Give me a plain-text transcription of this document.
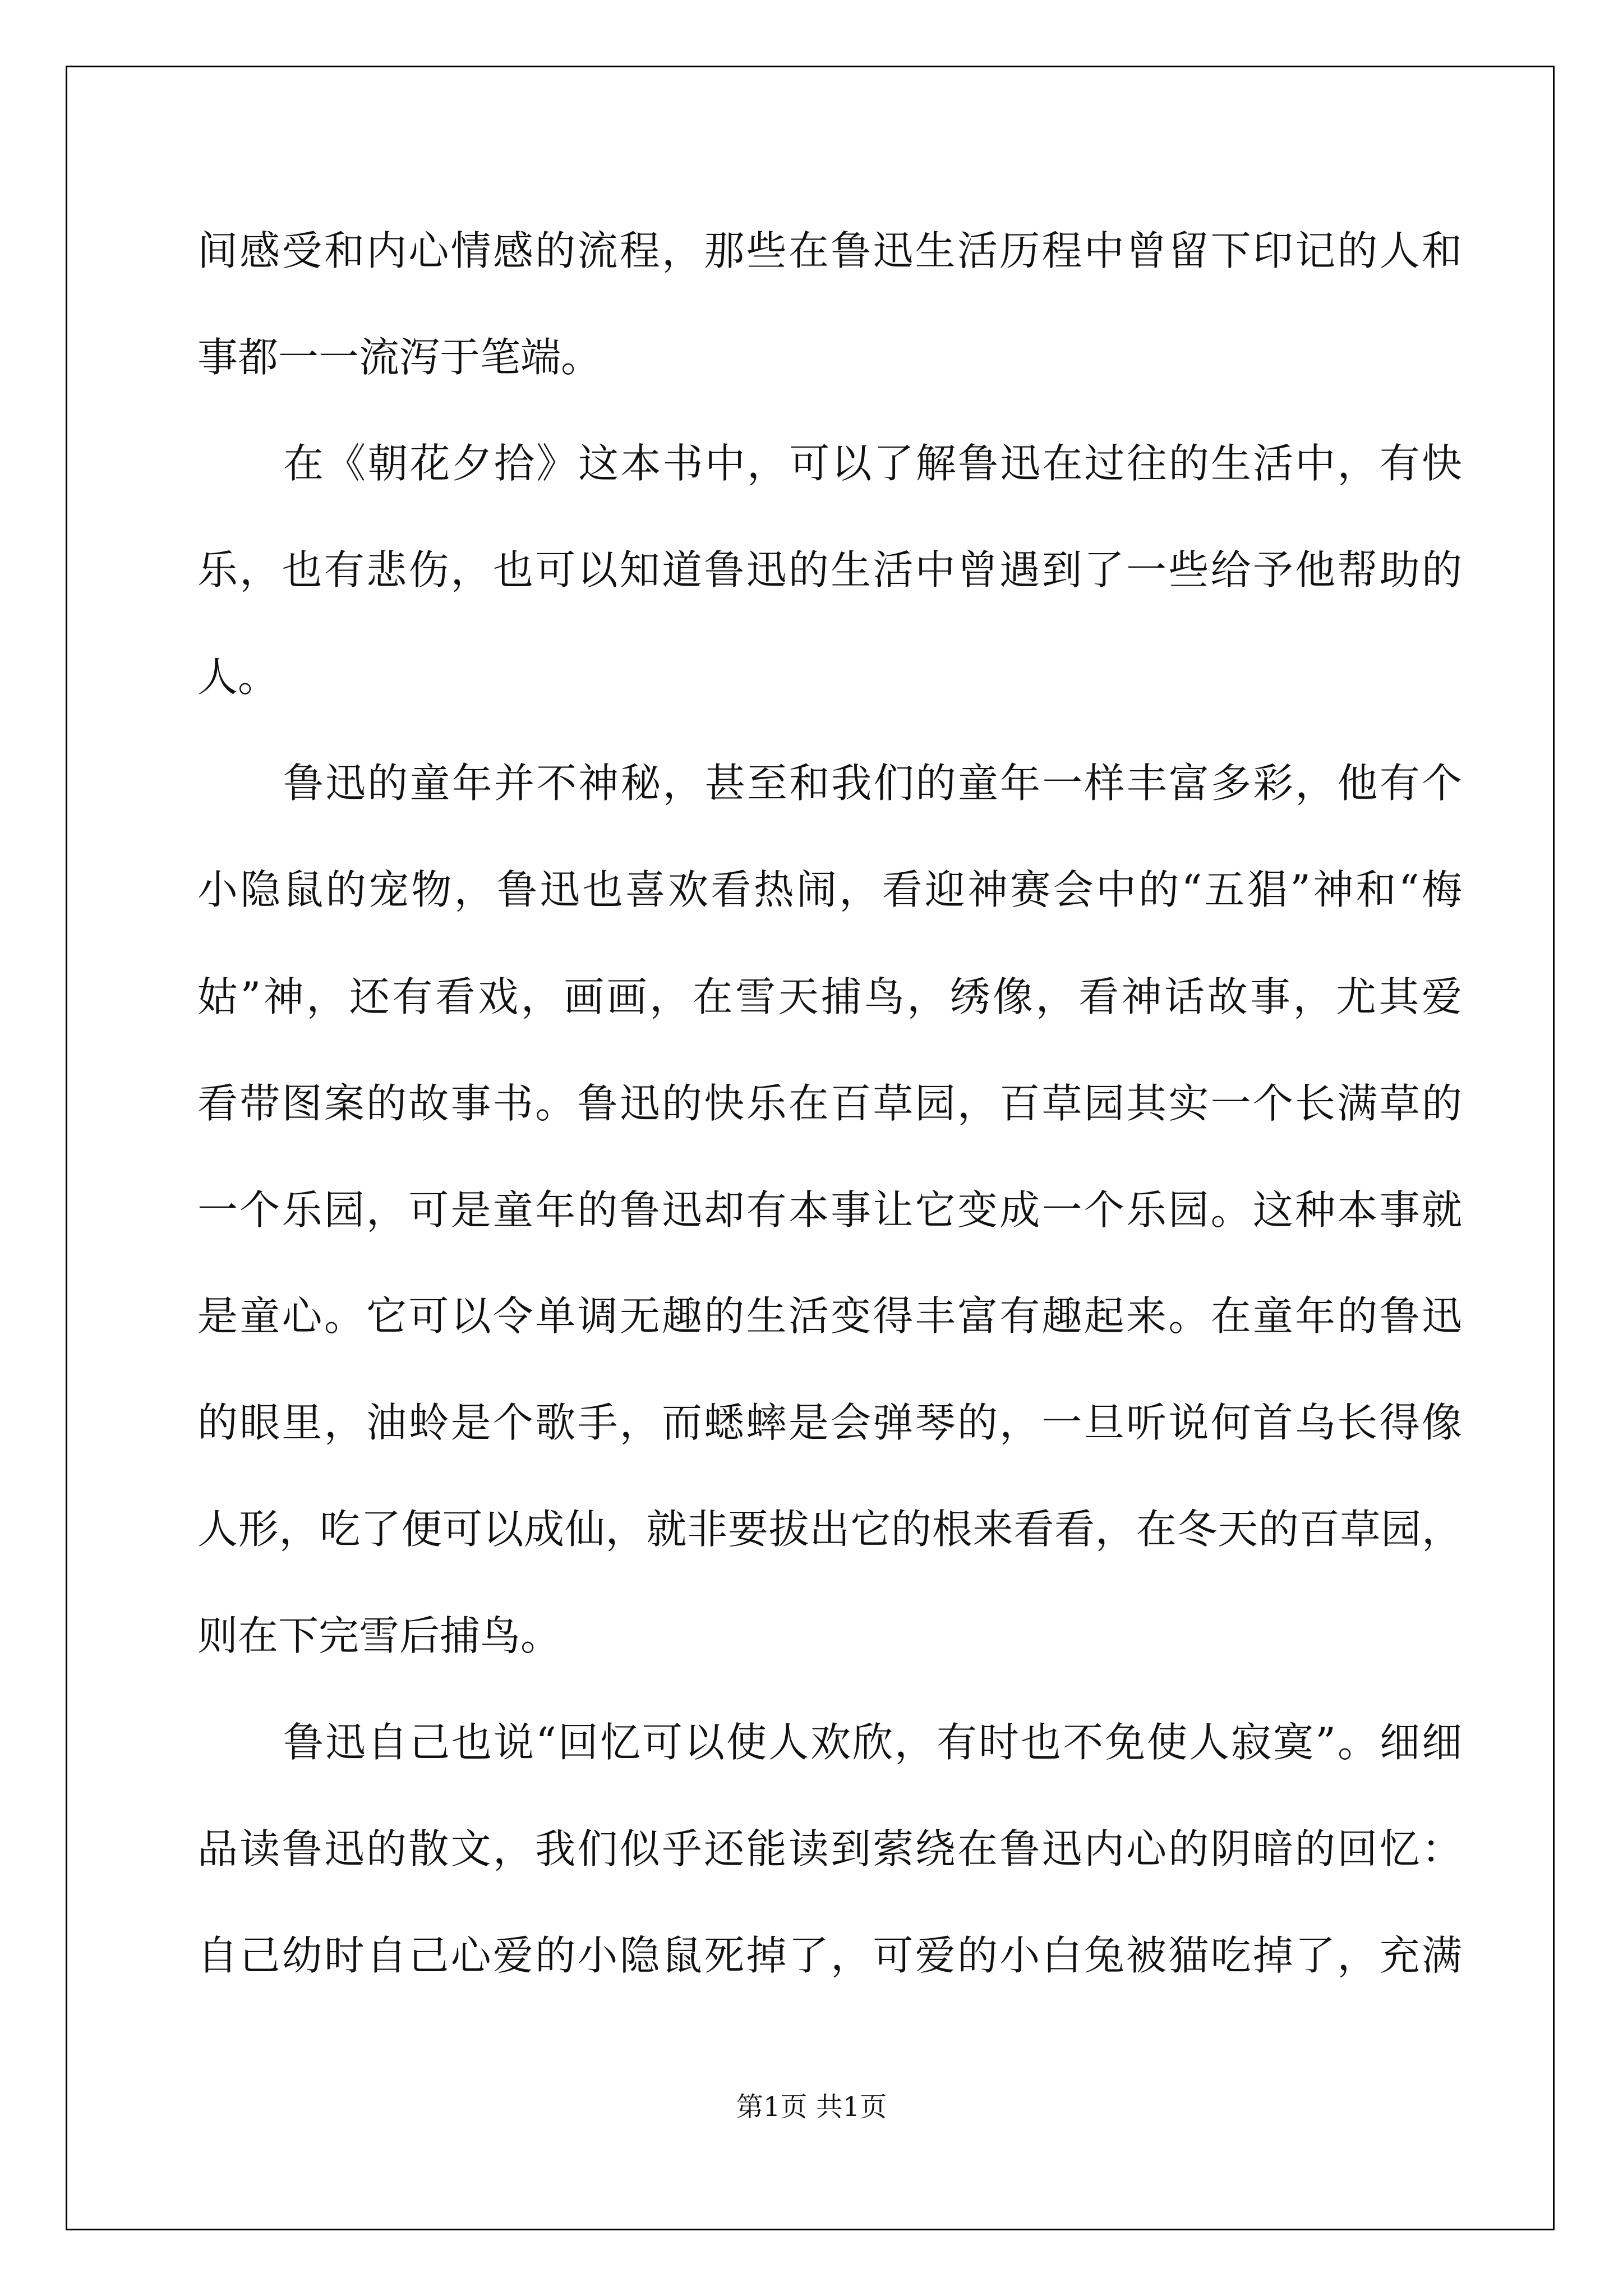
间感受和内心情感的流程，那些在鲁迅生活历程中曾留下印记的人和
事都一一流泻于笔端。
在《朝花夕拾》这本书中，可以了解鲁迅在过往的生活中，有快
乐，也有悲伤，也可以知道鲁迅的生活中曾遇到了一些给予他帮助的
人。
鲁迅的童年并不神秘，甚至和我们的童年一样丰富多彩，他有个
小隐鼠的宠物，鲁迅也喜欢看热闹，看迎神赛会中的“五猖”神和“梅
姑”神，还有看戏，画画，在雪天捕鸟，绣像，看神话故事，尤其爱
看带图案的故事书。鲁迅的快乐在百草园，百草园其实一个长满草的
一个乐园，可是童年的鲁迅却有本事让它变成一个乐园。这种本事就
是童心。它可以令单调无趣的生活变得丰富有趣起来。在童年的鲁迅
的眼里，油蛉是个歌手，而蟋蟀是会弹琴的，一旦听说何首乌长得像
人形，吃了便可以成仙，就非要拔出它的根来看看，在冬天的百草园，
则在下完雪后捕鸟。
鲁迅自己也说“回忆可以使人欢欣，有时也不免使人寂寞”。细细
品读鲁迅的散文，我们似乎还能读到萦绕在鲁迅内心的阴暗的回忆：
自己幼时自己心爱的小隐鼠死掉了，可爱的小白兔被猫吃掉了，充满
第1页 共1页
